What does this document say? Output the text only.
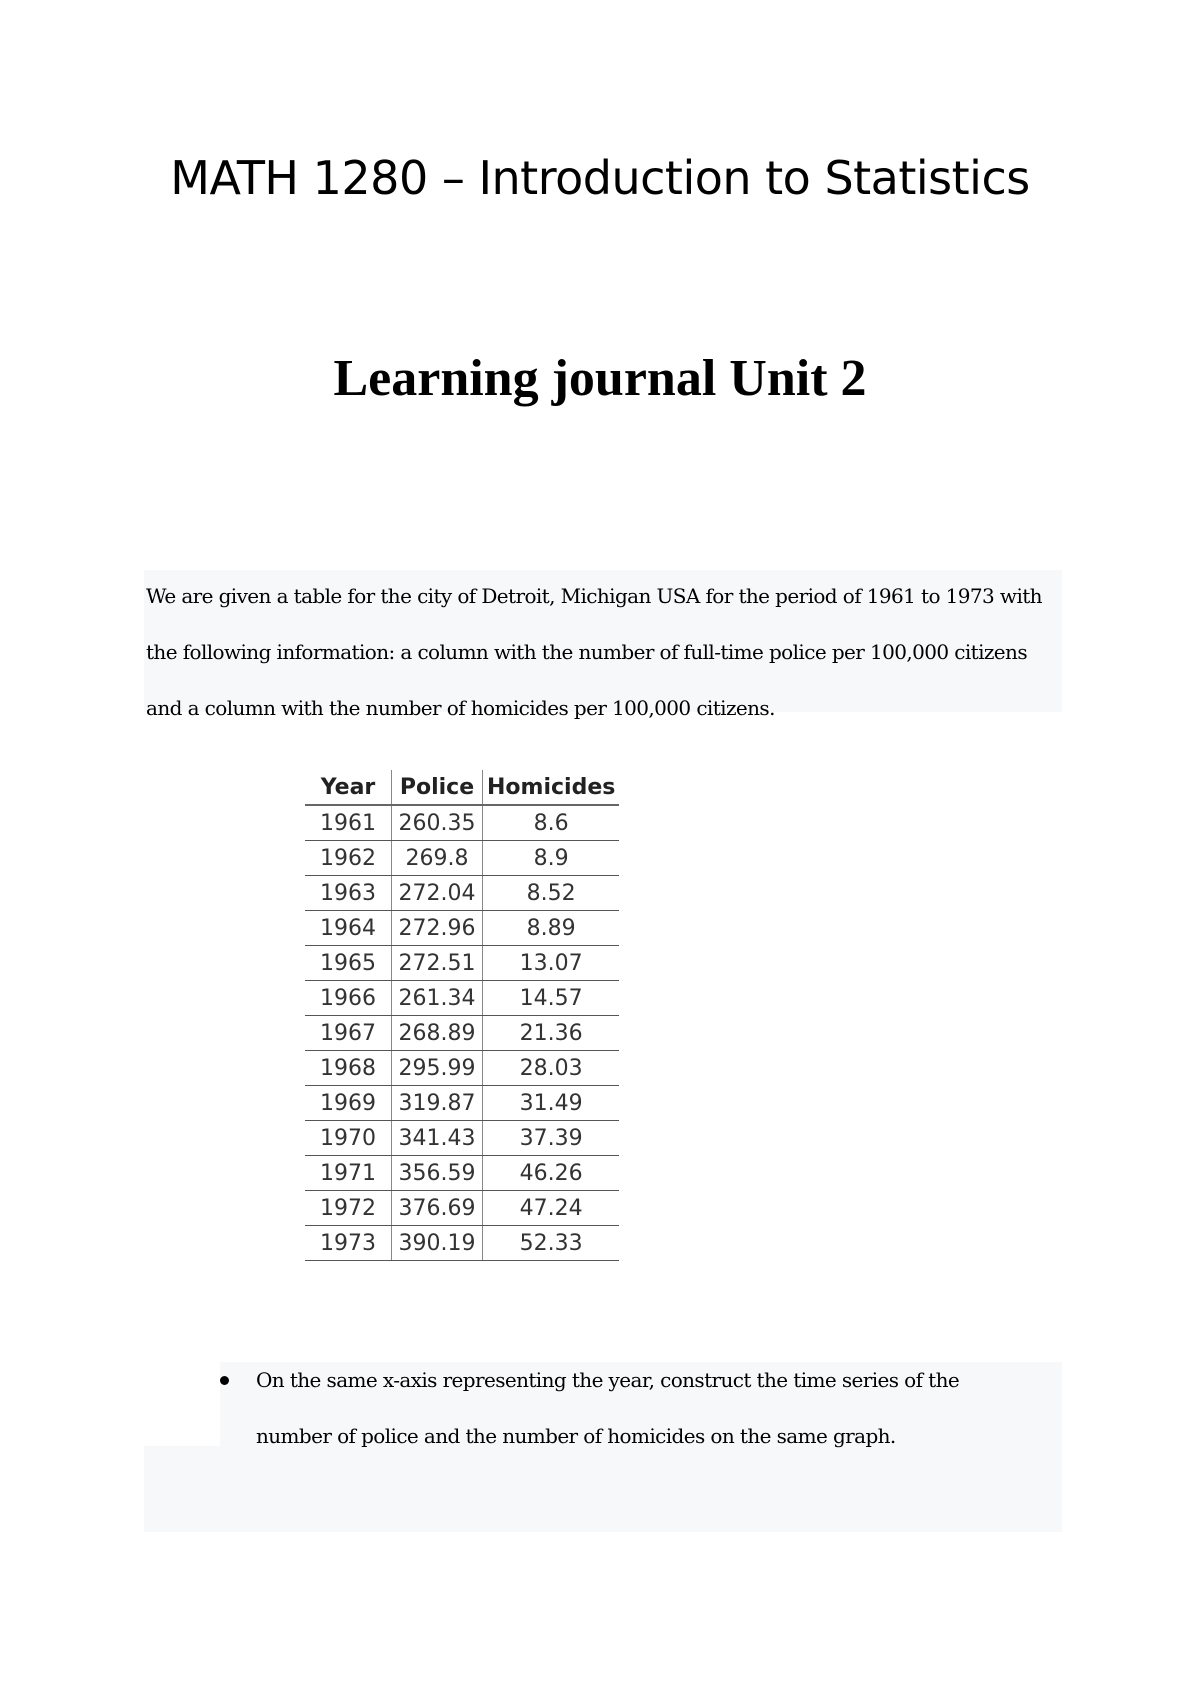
MATH 1280 – Introduction to Statistics
Learning journal Unit 2

We are given a table for the city of Detroit, Michigan USA for the period of 1961 to 1973 with the following information: a column with the number of full-time police per 100,000 citizens and a column with the number of homicides per 100,000 citizens.

Year	Police	Homicides
1961	260.35	8.6
1962	269.8	8.9
1963	272.04	8.52
1964	272.96	8.89
1965	272.51	13.07
1966	261.34	14.57
1967	268.89	21.36
1968	295.99	28.03
1969	319.87	31.49
1970	341.43	37.39
1971	356.59	46.26
1972	376.69	47.24
1973	390.19	52.33
On the same x-axis representing the year, construct the time series of the number of police and the number of homicides on the same graph.
